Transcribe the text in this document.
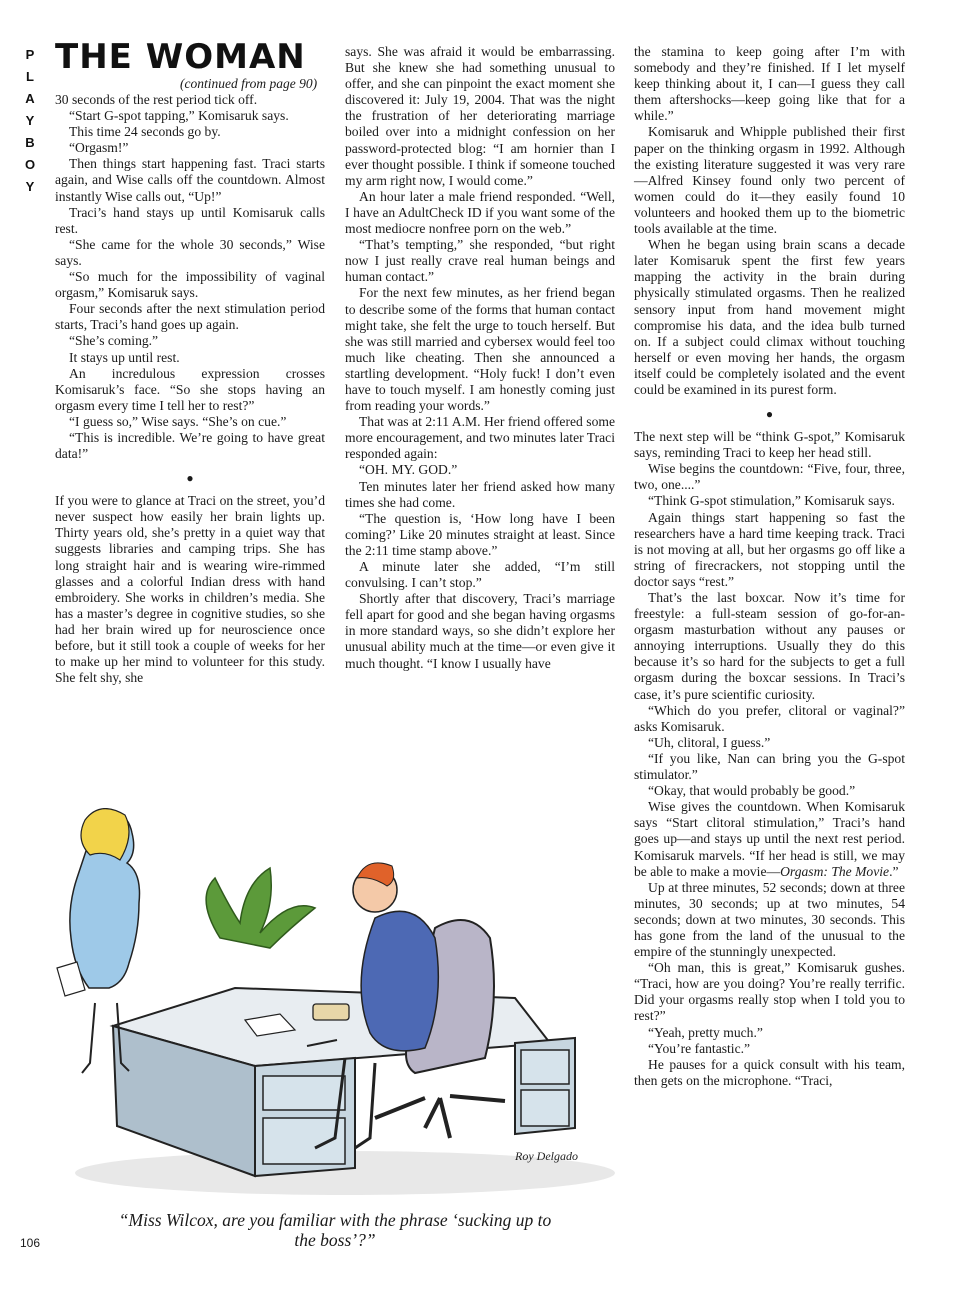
P
L
A
Y
B
O
Y
THE WOMAN
(continued from page 90)

30 seconds of the rest period tick off.

“Start G-spot tapping,” Komisaruk says.

This time 24 seconds go by.

“Orgasm!”

Then things start happening fast. Traci starts again, and Wise calls off the countdown. Almost instantly Wise calls out, “Up!”

Traci’s hand stays up until Komisaruk calls rest.

“She came for the whole 30 seconds,” Wise says.

“So much for the impossibility of vaginal orgasm,” Komisaruk says.

Four seconds after the next stimulation period starts, Traci’s hand goes up again.

“She’s coming.”

It stays up until rest.

An incredulous expression crosses Komisaruk’s face. “So she stops having an orgasm every time I tell her to rest?”

“I guess so,” Wise says. “She’s on cue.”

“This is incredible. We’re going to have great data!”

●

If you were to glance at Traci on the street, you’d never suspect how easily her brain lights up. Thirty years old, she’s pretty in a quiet way that suggests libraries and camping trips. She has long straight hair and is wearing wire-rimmed glasses and a colorful Indian dress with hand embroidery. She works in children’s media. She has a master’s degree in cognitive studies, so she had her brain wired up for neuroscience once before, but it still took a couple of weeks for her to make up her mind to volunteer for this study. She felt shy, she

says. She was afraid it would be embarrassing. But she knew she had something unusual to offer, and she can pinpoint the exact moment she discovered it: July 19, 2004. That was the night the frustration of her deteriorating marriage boiled over into a midnight confession on her password-protected blog: “I am hornier than I ever thought possible. I think if someone touched my arm right now, I would come.”

An hour later a male friend responded. “Well, I have an AdultCheck ID if you want some of the most mediocre nonfree porn on the web.”

“That’s tempting,” she responded, “but right now I just really crave real human beings and human contact.”

For the next few minutes, as her friend began to describe some of the forms that human contact might take, she felt the urge to touch herself. But she was still married and cybersex would feel too much like cheating. Then she announced a startling development. “Holy fuck! I don’t even have to touch myself. I am honestly coming just from reading your words.”

That was at 2:11 A.M. Her friend offered some more encouragement, and two minutes later Traci responded again:

“OH. MY. GOD.”

Ten minutes later her friend asked how many times she had come.

“The question is, ‘How long have I been coming?’ Like 20 minutes straight at least. Since the 2:11 time stamp above.”

A minute later she added, “I’m still convulsing. I can’t stop.”

Shortly after that discovery, Traci’s marriage fell apart for good and she began having orgasms in more standard ways, so she didn’t explore her unusual ability much at the time—or even give it much thought. “I know I usually have

the stamina to keep going after I’m with somebody and they’re finished. If I let myself keep thinking about it, I can—I guess they call them aftershocks—keep going like that for a while.”

Komisaruk and Whipple published their first paper on the thinking orgasm in 1992. Although the existing literature suggested it was very rare—Alfred Kinsey found only two percent of women could do it—they easily found 10 volunteers and hooked them up to the biometric tools available at the time.

When he began using brain scans a decade later Komisaruk spent the first few years mapping the activity in the brain during physically stimulated orgasms. Then he realized sensory input from hand movement might compromise his data, and the idea bulb turned on. If a subject could climax without touching herself or even moving her hands, the orgasm itself could be completely isolated and the event could be examined in its purest form.

●

The next step will be “think G-spot,” Komisaruk says, reminding Traci to keep her head still.

Wise begins the countdown: “Five, four, three, two, one....”

“Think G-spot stimulation,” Komisaruk says.

Again things start happening so fast the researchers have a hard time keeping track. Traci is not moving at all, but her orgasms go off like a string of firecrackers, not stopping until the doctor says “rest.”

That’s the last boxcar. Now it’s time for freestyle: a full-steam session of go-for-an-orgasm masturbation without any pauses or annoying interruptions. Usually they do this because it’s so hard for the subjects to get a full orgasm during the boxcar sessions. In Traci’s case, it’s pure scientific curiosity.

“Which do you prefer, clitoral or vaginal?” asks Komisaruk.

“Uh, clitoral, I guess.”

“If you like, Nan can bring you the G-spot stimulator.”

“Okay, that would probably be good.”

Wise gives the countdown. When Komisaruk says “Start clitoral stimulation,” Traci’s hand goes up—and stays up until the next rest period. Komisaruk marvels. “If her head is still, we may be able to make a movie—Orgasm: The Movie.”

Up at three minutes, 52 seconds; down at three minutes, 30 seconds; up at two minutes, 54 seconds; down at two minutes, 30 seconds. This has gone from the land of the unusual to the empire of the stunningly unexpected.

“Oh man, this is great,” Komisaruk gushes. “Traci, how are you doing? You’re really terrific. Did your orgasms really stop when I told you to rest?”

“Yeah, pretty much.”

“You’re fantastic.”

He pauses for a quick consult with his team, then gets on the microphone. “Traci,

Roy Delgado
“Miss Wilcox, are you familiar with the phrase ‘sucking up to the boss’?”
106
